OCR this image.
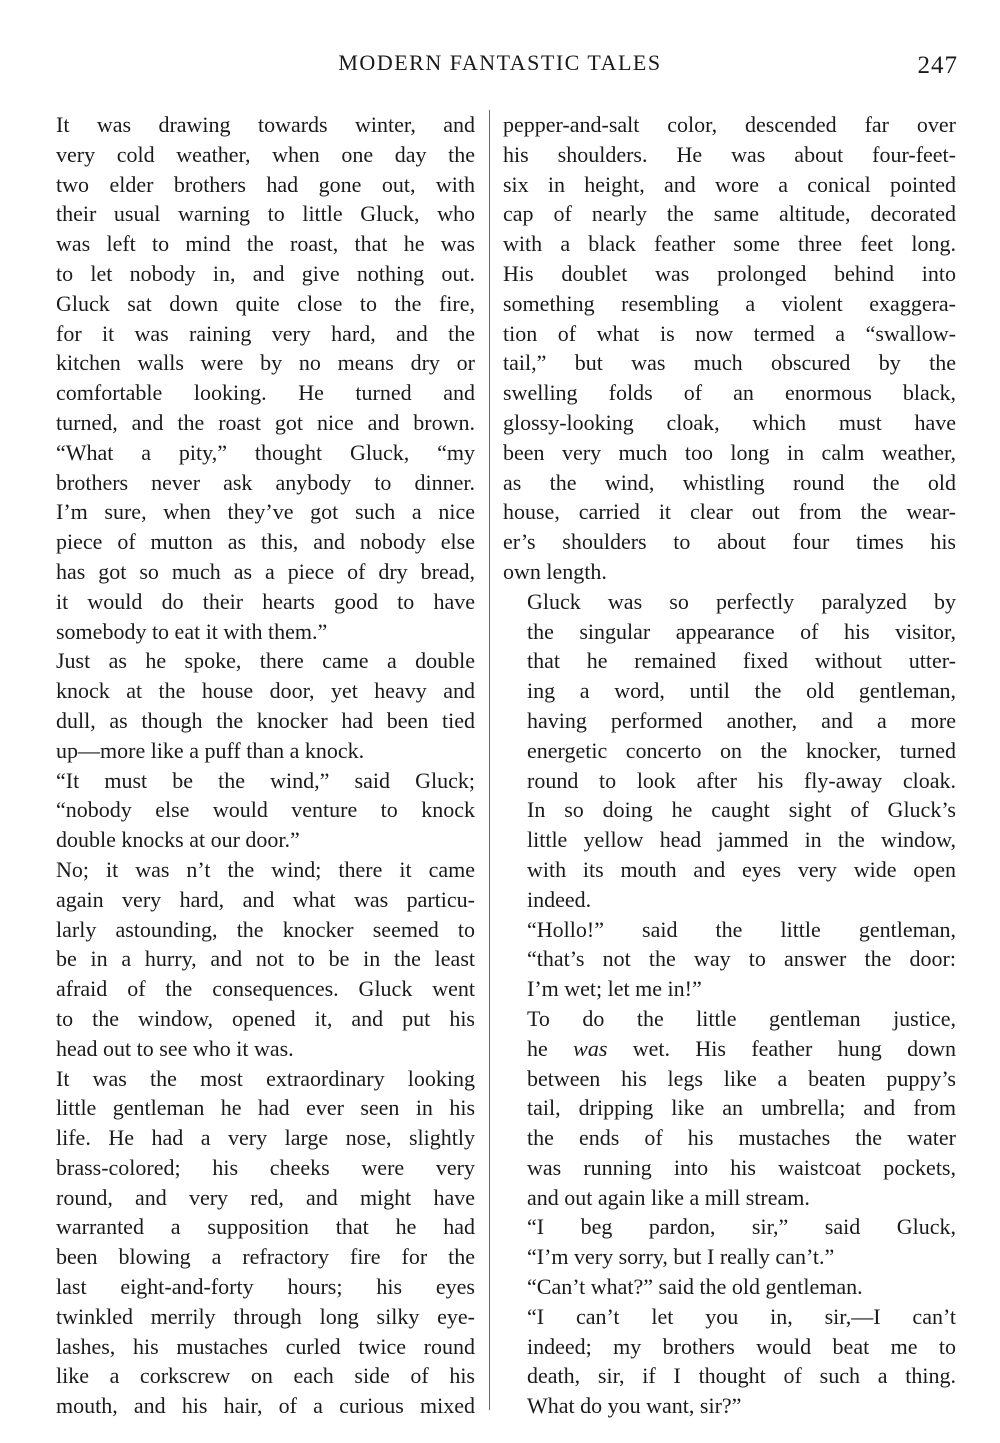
MODERN FANTASTIC TALES	247

It was drawing towards winter, and
very cold weather, when one day the
two elder brothers had gone out, with
their usual warning to little Gluck, who
was left to mind the roast, that he was
to let nobody in, and give nothing out.
Gluck sat down quite close to the fire,
for it was raining very hard, and the
kitchen walls were by no means dry or
comfortable looking. He turned and
turned, and the roast got nice and brown.
“What a pity,” thought Gluck, “my
brothers never ask anybody to dinner.
I’m sure, when they’ve got such a nice
piece of mutton as this, and nobody else
has got so much as a piece of dry bread,
it would do their hearts good to have
somebody to eat it with them.”

Just as he spoke, there came a double
knock at the house door, yet heavy and
dull, as though the knocker had been tied
up—more like a puff than a knock.

“It must be the wind,” said Gluck;
“nobody else would venture to knock
double knocks at our door.”

No; it was n’t the wind; there it came
again very hard, and what was particu-
larly astounding, the knocker seemed to
be in a hurry, and not to be in the least
afraid of the consequences. Gluck went
to the window, opened it, and put his
head out to see who it was.

It was the most extraordinary looking
little gentleman he had ever seen in his
life. He had a very large nose, slightly
brass-colored; his cheeks were very
round, and very red, and might have
warranted a supposition that he had
been blowing a refractory fire for the
last eight-and-forty hours; his eyes
twinkled merrily through long silky eye-
lashes, his mustaches curled twice round
like a corkscrew on each side of his
mouth, and his hair, of a curious mixed

pepper-and-salt color, descended far over
his shoulders. He was about four-feet-
six in height, and wore a conical pointed
cap of nearly the same altitude, decorated
with a black feather some three feet long.
His doublet was prolonged behind into
something resembling a violent exaggera-
tion of what is now termed a “swallow-
tail,” but was much obscured by the
swelling folds of an enormous black,
glossy-looking cloak, which must have
been very much too long in calm weather,
as the wind, whistling round the old
house, carried it clear out from the wear-
er’s shoulders to about four times his
own length.

Gluck was so perfectly paralyzed by
the singular appearance of his visitor,
that he remained fixed without utter-
ing a word, until the old gentleman,
having performed another, and a more
energetic concerto on the knocker, turned
round to look after his fly-away cloak.
In so doing he caught sight of Gluck’s
little yellow head jammed in the window,
with its mouth and eyes very wide open
indeed.

“Hollo!” said the little gentleman,
“that’s not the way to answer the door:
I’m wet; let me in!”

To do the little gentleman justice,
he was wet. His feather hung down
between his legs like a beaten puppy’s
tail, dripping like an umbrella; and from
the ends of his mustaches the water
was running into his waistcoat pockets,
and out again like a mill stream.

“I beg pardon, sir,” said Gluck,
“I’m very sorry, but I really can’t.”

“Can’t what?” said the old gentleman.

“I can’t let you in, sir,—I can’t
indeed; my brothers would beat me to
death, sir, if I thought of such a thing.
What do you want, sir?”
